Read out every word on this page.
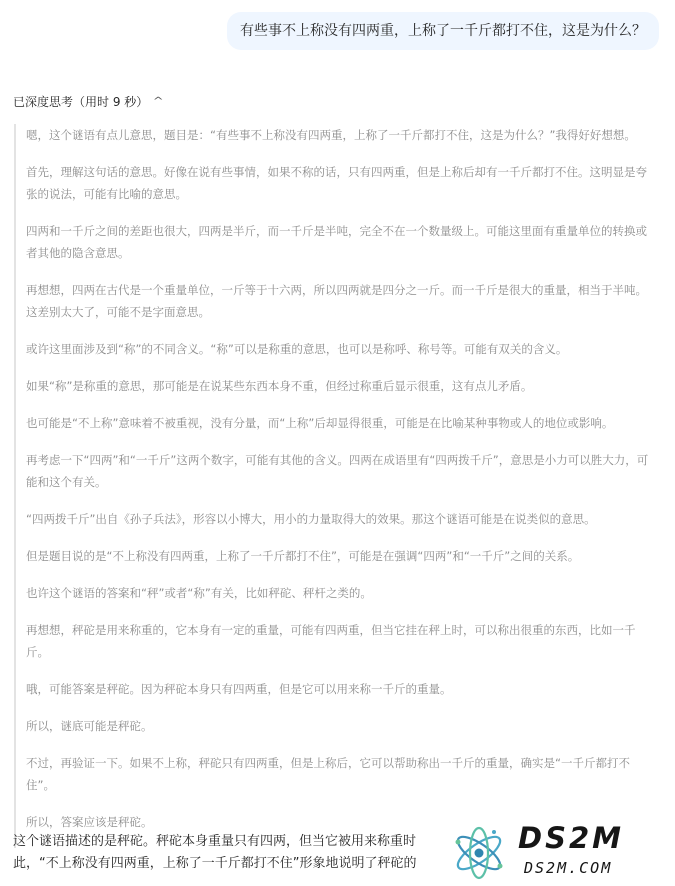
有些事不上称没有四两重，上称了一千斤都打不住，这是为什么？
已深度思考（用时 9 秒） ^

嗯，这个谜语有点儿意思，题目是：“有些事不上称没有四两重，上称了一千斤都打不住，这是为什么？”我得好好想想。

首先，理解这句话的意思。好像在说有些事情，如果不称的话，只有四两重，但是上称后却有一千斤都打不住。这明显是夸张的说法，可能有比喻的意思。

四两和一千斤之间的差距也很大，四两是半斤，而一千斤是半吨，完全不在一个数量级上。可能这里面有重量单位的转换或者其他的隐含意思。

再想想，四两在古代是一个重量单位，一斤等于十六两，所以四两就是四分之一斤。而一千斤是很大的重量，相当于半吨。这差别太大了，可能不是字面意思。

或许这里面涉及到“称”的不同含义。“称”可以是称重的意思，也可以是称呼、称号等。可能有双关的含义。

如果“称”是称重的意思，那可能是在说某些东西本身不重，但经过称重后显示很重，这有点儿矛盾。

也可能是“不上称”意味着不被重视，没有分量，而“上称”后却显得很重，可能是在比喻某种事物或人的地位或影响。

再考虑一下“四两”和“一千斤”这两个数字，可能有其他的含义。四两在成语里有“四两拨千斤”，意思是小力可以胜大力，可能和这个有关。

“四两拨千斤”出自《孙子兵法》，形容以小博大，用小的力量取得大的效果。那这个谜语可能是在说类似的意思。

但是题目说的是“不上称没有四两重，上称了一千斤都打不住”，可能是在强调“四两”和“一千斤”之间的关系。

也许这个谜语的答案和“秤”或者“称”有关，比如秤砣、秤杆之类的。

再想想，秤砣是用来称重的，它本身有一定的重量，可能有四两重，但当它挂在秤上时，可以称出很重的东西，比如一千斤。

哦，可能答案是秤砣。因为秤砣本身只有四两重，但是它可以用来称一千斤的重量。

所以，谜底可能是秤砣。

不过，再验证一下。如果不上称，秤砣只有四两重，但是上称后，它可以帮助称出一千斤的重量，确实是“一千斤都打不住”。

所以，答案应该是秤砣。

这个谜语描述的是秤砣。秤砣本身重量只有四两，但当它被用来称重时此，“不上称没有四两重，上称了一千斤都打不住”形象地说明了秤砣的

DS2M
DS2M.COM
